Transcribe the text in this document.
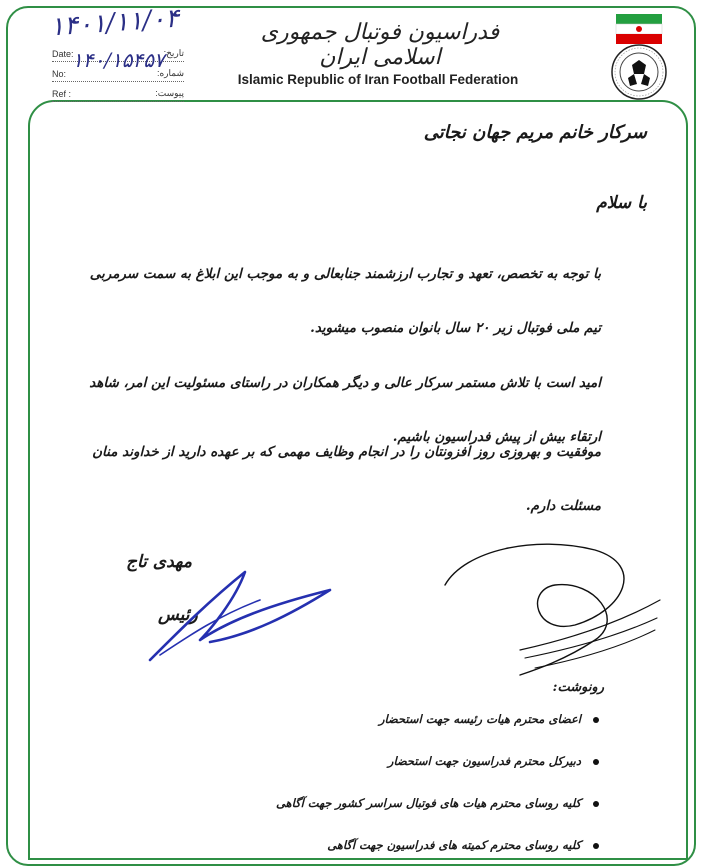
فدراسیون فوتبال جمهوری اسلامی ایران
Islamic Republic of Iran Football Federation
۱۴۰۱/۱۱/۰۴
Date:	تاریخ:
No:	شماره:
Ref :	پیوست:
۱۴۰/۱۵۴۵۷
سرکار خانم مریم جهان نجاتی
با سلام
با توجه به تخصص، تعهد و تجارب ارزشمند جنابعالی و به موجب این ابلاغ به سمت سرمربی تیم ملی فوتبال زیر ۲۰ سال بانوان منصوب میشوید.
امید است با تلاش مستمر سرکار عالی و دیگر همکاران در راستای مسئولیت این امر، شاهد ارتقاء بیش از پیش فدراسیون باشیم.
موفقیت و بهروزی روز افزونتان را در انجام وظایف مهمی که بر عهده دارید از خداوند منان مسئلت دارم.
مهدی تاج
رئیس
رونوشت:
اعضای محترم هیات رئیسه جهت استحضار
دبیرکل محترم فدراسیون جهت استحضار
کلیه روسای محترم هیات های فوتبال سراسر کشور جهت آگاهی
کلیه روسای محترم کمیته های فدراسیون جهت آگاهی
